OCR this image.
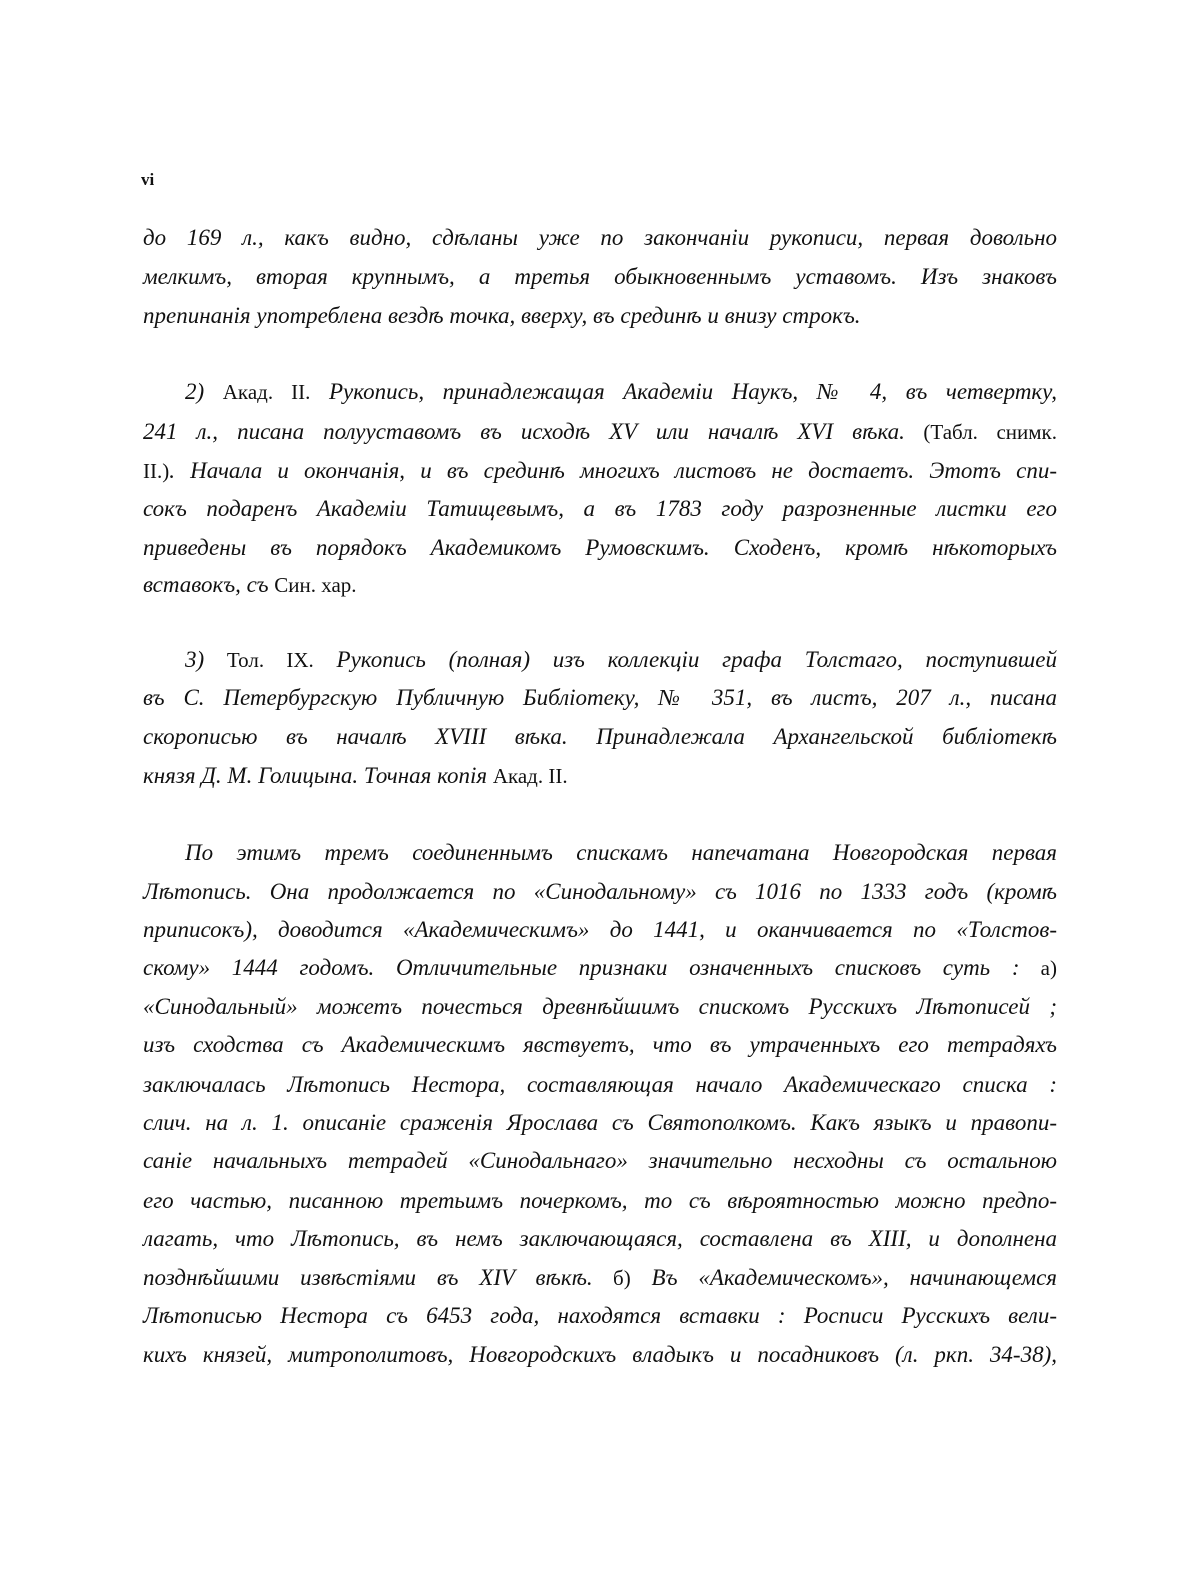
vi
до 169 л., какъ видно, сдѣланы уже по закончаніи рукописи, первая довольно
мелкимъ, вторая крупнымъ, а третья обыкновеннымъ уставомъ. Изъ знаковъ
препинанія употреблена вездѣ точка, вверху, въ срединѣ и внизу строкъ.
2) Акад. II. Рукопись, принадлежащая Академіи Наукъ, № 4, въ четвертку,
241 л., писана полууставомъ въ исходѣ XV или началѣ XVI вѣка. (Табл. снимк.
II.). Начала и окончанія, и въ срединѣ многихъ листовъ не достаетъ. Этотъ спи-
сокъ подаренъ Академіи Татищевымъ, а въ 1783 году разрозненные листки его
приведены въ порядокъ Академикомъ Румовскимъ. Сходенъ, кромѣ нѣкоторыхъ
вставокъ, съ Син. хар.
3) Тол. IX. Рукопись (полная) изъ коллекціи графа Толстаго, поступившей
въ С. Петербургскую Публичную Библіотеку, № 351, въ листъ, 207 л., писана
скорописью въ началѣ XVIII вѣка. Принадлежала Архангельской библіотекѣ
князя Д. М. Голицына. Точная копія Акад. II.
По этимъ тремъ соединеннымъ спискамъ напечатана Новгородская первая
Лѣтопись. Она продолжается по «Синодальному» съ 1016 по 1333 годъ (кромѣ
приписокъ), доводится «Академическимъ» до 1441, и оканчивается по «Толстов-
скому» 1444 годомъ. Отличительные признаки означенныхъ списковъ суть : а)
«Синодальный» можетъ почесться древнѣйшимъ спискомъ Русскихъ Лѣтописей ;
изъ сходства съ Академическимъ явствуетъ, что въ утраченныхъ его тетрадяхъ
заключалась Лѣтопись Нестора, составляющая начало Академическаго списка :
слич. на л. 1. описаніе сраженія Ярослава съ Святополкомъ. Какъ языкъ и правопи-
саніе начальныхъ тетрадей «Синодальнаго» значительно несходны съ остальною
его частью, писанною третьимъ почеркомъ, то съ вѣроятностью можно предпо-
лагать, что Лѣтопись, въ немъ заключающаяся, составлена въ XIII, и дополнена
позднѣйшими извѣстіями въ XIV вѣкѣ. б) Въ «Академическомъ», начинающемся
Лѣтописью Нестора съ 6453 года, находятся вставки : Росписи Русскихъ вели-
кихъ князей, митрополитовъ, Новгородскихъ владыкъ и посадниковъ (л. ркп. 34-38),
